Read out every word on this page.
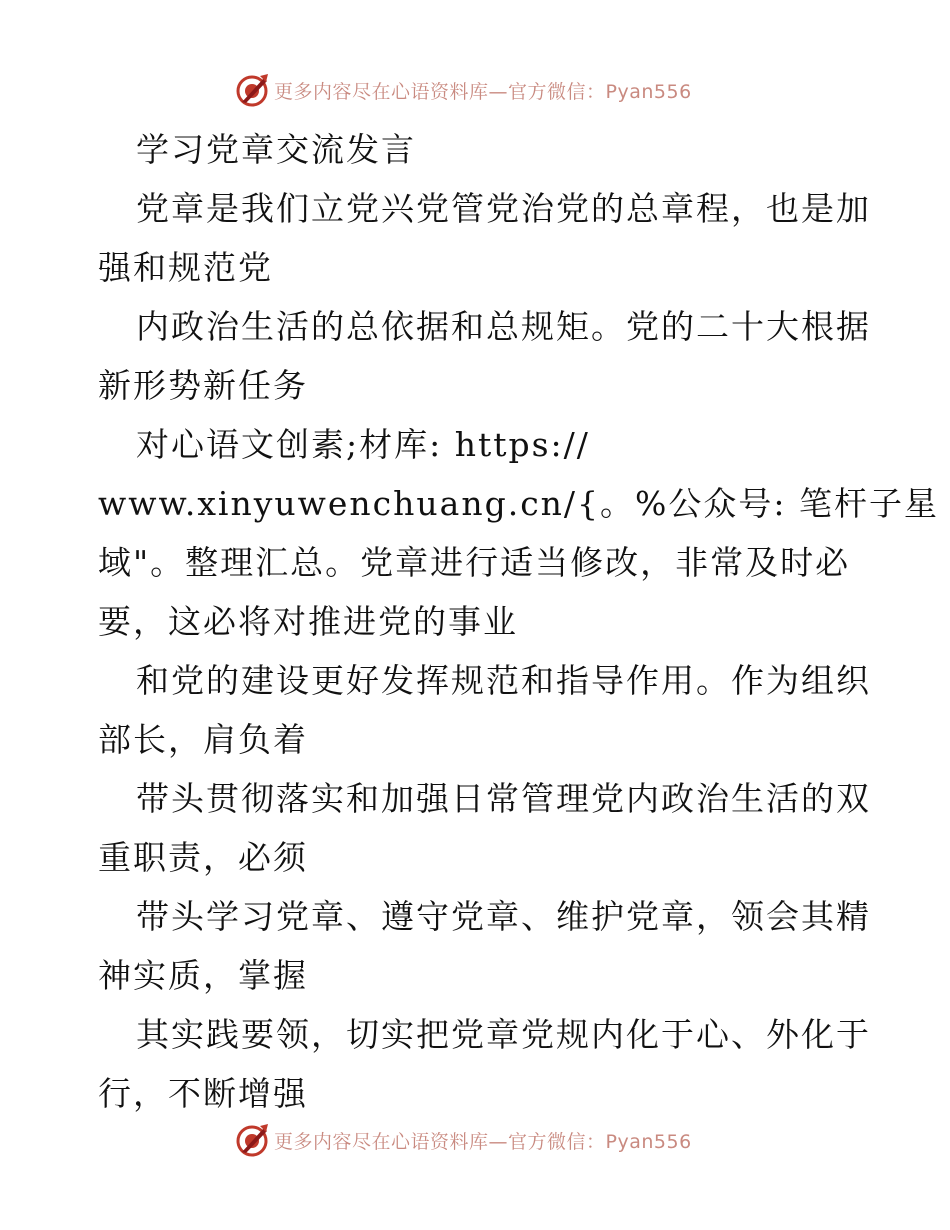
更多内容尽在心语资料库—官方微信：Pyan556
学习党章交流发言
党章是我们立党兴党管党治党的总章程，也是加
强和规范党
内政治生活的总依据和总规矩。党的二十大根据
新形势新任务
对心语文创素;材库: https://
www.xinyuwenchuang.cn/{。%公众号: 笔杆子星
域"。整理汇总。党章进行适当修改，非常及时必
要，这必将对推进党的事业
和党的建设更好发挥规范和指导作用。作为组织
部长，肩负着
带头贯彻落实和加强日常管理党内政治生活的双
重职责，必须
带头学习党章、遵守党章、维护党章，领会其精
神实质，掌握
其实践要领，切实把党章党规内化于心、外化于
行，不断增强
更多内容尽在心语资料库—官方微信：Pyan556
